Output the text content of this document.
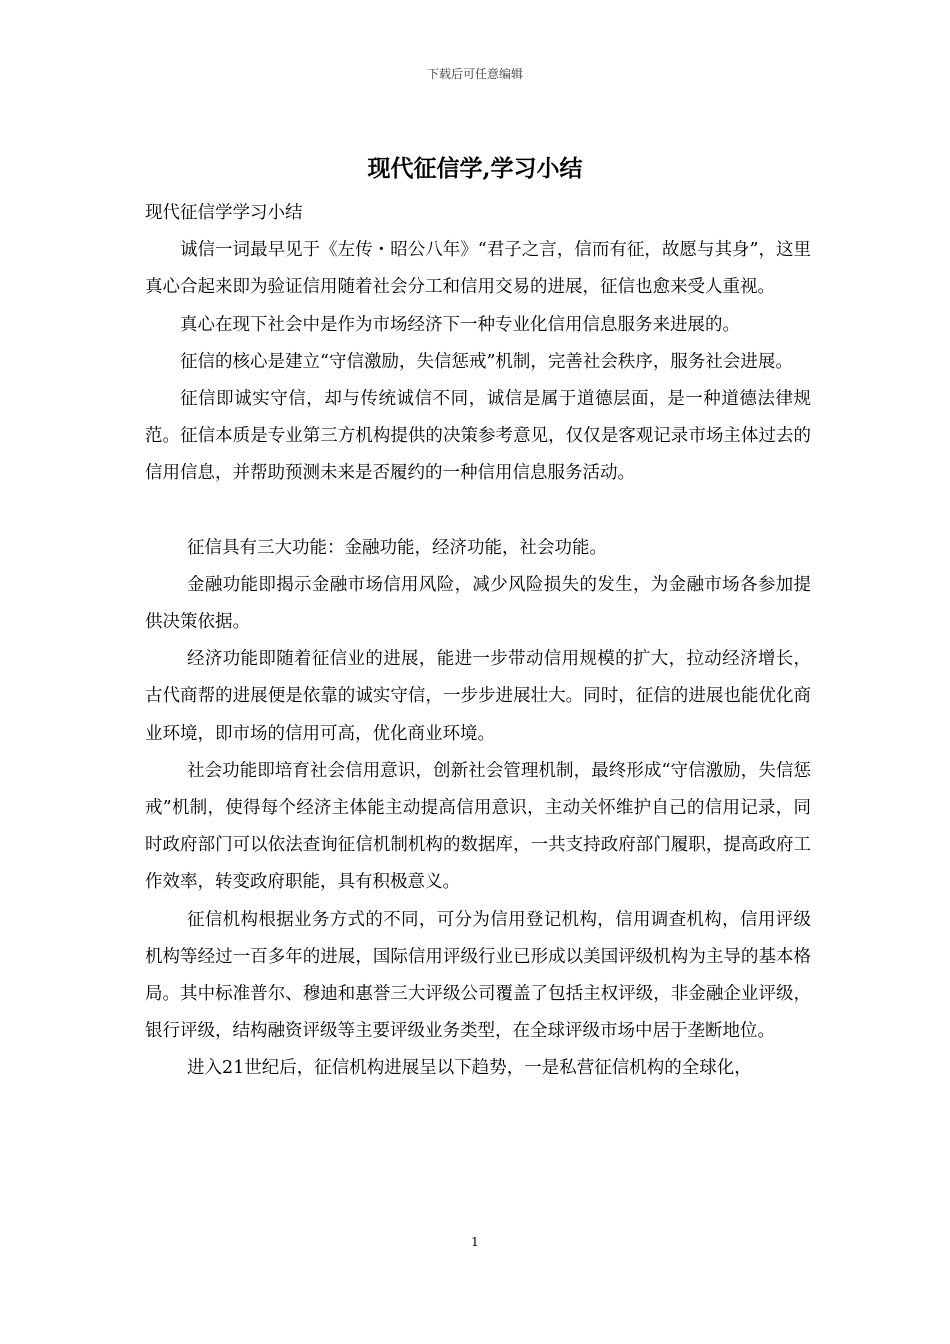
下载后可任意编辑
现代征信学,学习小结

现代征信学学习小结

诚信一词最早见于《左传・昭公八年》“君子之言，信而有征，故愿与其身”，这里真心合起来即为验证信用随着社会分工和信用交易的进展，征信也愈来受人重视。

真心在现下社会中是作为市场经济下一种专业化信用信息服务来进展的。

征信的核心是建立“守信激励，失信惩戒”机制，完善社会秩序，服务社会进展。

征信即诚实守信，却与传统诚信不同，诚信是属于道德层面，是一种道德法律规范。征信本质是专业第三方机构提供的决策参考意见，仅仅是客观记录市场主体过去的信用信息，并帮助预测未来是否履约的一种信用信息服务活动。

征信具有三大功能：金融功能，经济功能，社会功能。

金融功能即揭示金融市场信用风险，减少风险损失的发生，为金融市场各参加提供决策依据。

经济功能即随着征信业的进展，能进一步带动信用规模的扩大，拉动经济增长，古代商帮的进展便是依靠的诚实守信，一步步进展壮大。同时，征信的进展也能优化商业环境，即市场的信用可高，优化商业环境。

社会功能即培育社会信用意识，创新社会管理机制，最终形成“守信激励，失信惩戒”机制，使得每个经济主体能主动提高信用意识，主动关怀维护自己的信用记录，同时政府部门可以依法查询征信机制机构的数据库，一共支持政府部门履职，提高政府工作效率，转变政府职能，具有积极意义。

征信机构根据业务方式的不同，可分为信用登记机构，信用调查机构，信用评级机构等经过一百多年的进展，国际信用评级行业已形成以美国评级机构为主导的基本格局。其中标准普尔、穆迪和惠誉三大评级公司覆盖了包括主权评级，非金融企业评级，银行评级，结构融资评级等主要评级业务类型，在全球评级市场中居于垄断地位。

进入21世纪后，征信机构进展呈以下趋势，一是私营征信机构的全球化，

1
